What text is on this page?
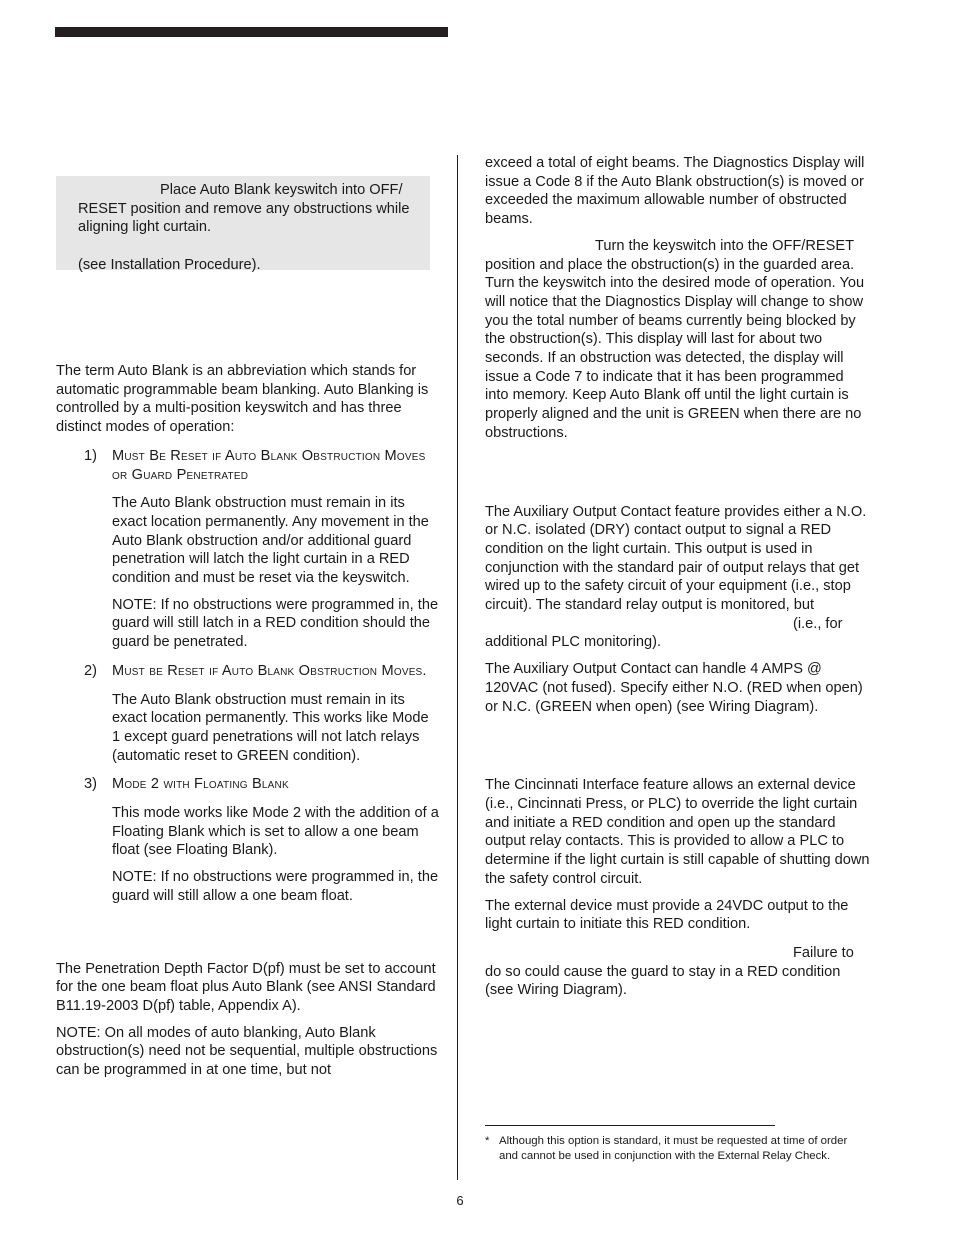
Place Auto Blank keyswitch into OFF/

RESET position and remove any obstructions while aligning light curtain.

(see Installation Procedure).

The term Auto Blank is an abbreviation which stands for automatic programmable beam blanking. Auto Blanking is controlled by a multi-position keyswitch and has three distinct modes of operation:

1) Must Be Reset if Auto Blank Obstruction Moves or Guard Penetrated

The Auto Blank obstruction must remain in its exact location permanently. Any movement in the Auto Blank obstruction and/or additional guard penetration will latch the light curtain in a RED condition and must be reset via the keyswitch.

NOTE: If no obstructions were programmed in, the guard will still latch in a RED condition should the guard be penetrated.

2) Must be Reset if Auto Blank Obstruction Moves.

The Auto Blank obstruction must remain in its exact location permanently. This works like Mode 1 except guard penetrations will not latch relays (automatic reset to GREEN condition).

3) Mode 2 with Floating Blank

This mode works like Mode 2 with the addition of a Floating Blank which is set to allow a one beam float (see Floating Blank).

NOTE: If no obstructions were programmed in, the guard will still allow a one beam float.

The Penetration Depth Factor D(pf) must be set to account for the one beam float plus Auto Blank (see ANSI Standard B11.19-2003 D(pf) table, Appendix A).

NOTE: On all modes of auto blanking, Auto Blank obstruction(s) need not be sequential, multiple obstructions can be programmed in at one time, but not

exceed a total of eight beams. The Diagnostics Display will issue a Code 8 if the Auto Blank obstruction(s) is moved or exceeded the maximum allowable number of obstructed beams.

Turn the keyswitch into the OFF/RESET

position and place the obstruction(s) in the guarded area. Turn the keyswitch into the desired mode of operation. You will notice that the Diagnostics Display will change to show you the total number of beams currently being blocked by the obstruction(s). This display will last for about two seconds. If an obstruction was detected, the display will issue a Code 7 to indicate that it has been programmed into memory. Keep Auto Blank off until the light curtain is properly aligned and the unit is GREEN when there are no obstructions.

The Auxiliary Output Contact feature provides either a N.O. or N.C. isolated (DRY) contact output to signal a RED condition on the light curtain. This output is used in conjunction with the standard pair of output relays that get wired up to the safety circuit of your equipment (i.e., stop circuit). The standard relay output is monitored, but

(i.e., for

additional PLC monitoring).

The Auxiliary Output Contact can handle 4 AMPS @ 120VAC (not fused). Specify either N.O. (RED when open) or N.C. (GREEN when open) (see Wiring Diagram).

The Cincinnati Interface feature allows an external device (i.e., Cincinnati Press, or PLC) to override the light curtain and initiate a RED condition and open up the standard output relay contacts. This is provided to allow a PLC to determine if the light curtain is still capable of shutting down the safety control circuit.

The external device must provide a 24VDC output to the light curtain to initiate this RED condition.

Failure to

do so could cause the guard to stay in a RED condition (see Wiring Diagram).

* Although this option is standard, it must be requested at time of order and cannot be used in conjunction with the External Relay Check.
6
